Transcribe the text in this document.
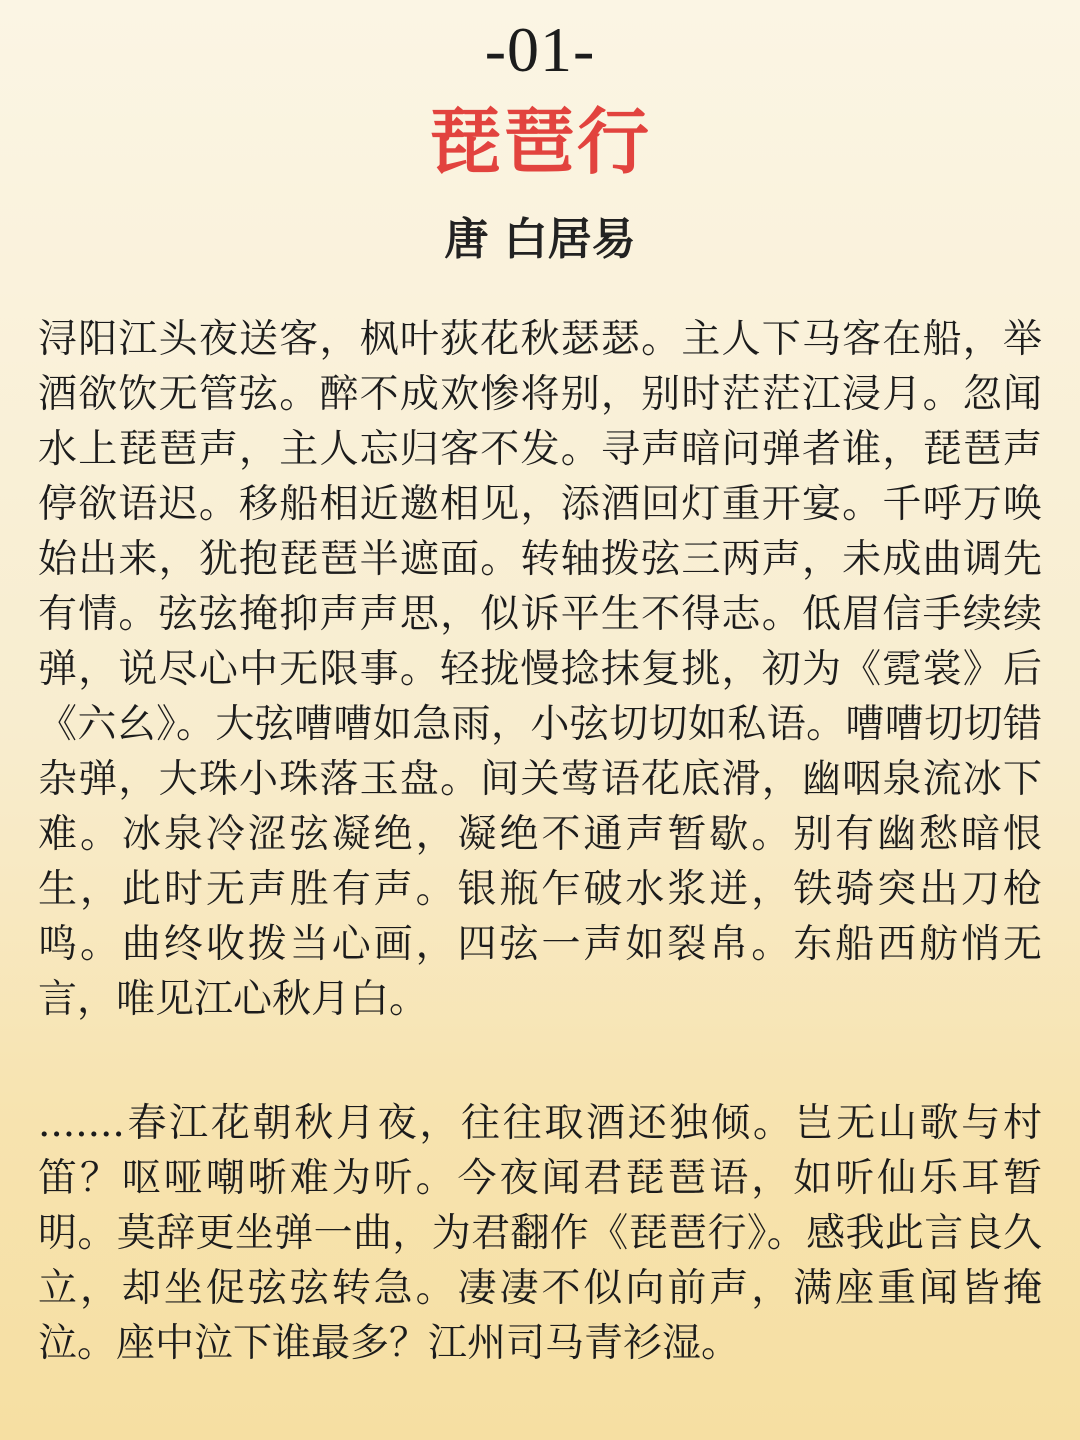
-01-
琵琶行
唐 白居易

浔阳江头夜送客，枫叶荻花秋瑟瑟。主人下马客在船，举酒欲饮无管弦。醉不成欢惨将别，别时茫茫江浸月。忽闻水上琵琶声，主人忘归客不发。寻声暗问弹者谁，琵琶声停欲语迟。移船相近邀相见，添酒回灯重开宴。千呼万唤始出来，犹抱琵琶半遮面。转轴拨弦三两声，未成曲调先有情。弦弦掩抑声声思，似诉平生不得志。低眉信手续续弹，说尽心中无限事。轻拢慢捻抹复挑，初为《霓裳》后《六幺》。大弦嘈嘈如急雨，小弦切切如私语。嘈嘈切切错杂弹，大珠小珠落玉盘。间关莺语花底滑，幽咽泉流冰下难。冰泉冷涩弦凝绝，凝绝不通声暂歇。别有幽愁暗恨生，此时无声胜有声。银瓶乍破水浆迸，铁骑突出刀枪鸣。曲终收拨当心画，四弦一声如裂帛。东船西舫悄无言，唯见江心秋月白。

.......春江花朝秋月夜，往往取酒还独倾。岂无山歌与村笛？呕哑嘲哳难为听。今夜闻君琵琶语，如听仙乐耳暂明。莫辞更坐弹一曲，为君翻作《琵琶行》。感我此言良久立，却坐促弦弦转急。凄凄不似向前声，满座重闻皆掩泣。座中泣下谁最多？江州司马青衫湿。
